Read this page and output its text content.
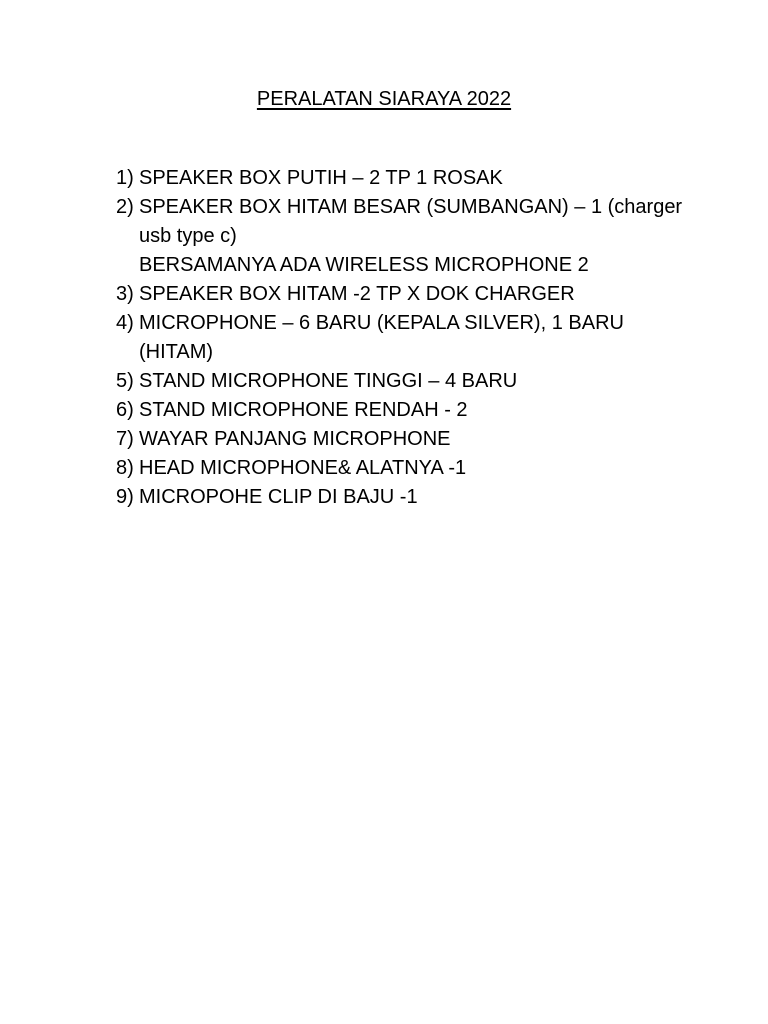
PERALATAN SIARAYA 2022
1) SPEAKER BOX PUTIH – 2 TP 1 ROSAK
2) SPEAKER BOX HITAM BESAR (SUMBANGAN) – 1 (charger
usb type c)
BERSAMANYA ADA WIRELESS MICROPHONE 2
3) SPEAKER BOX HITAM -2 TP X DOK CHARGER
4) MICROPHONE – 6 BARU (KEPALA SILVER), 1 BARU
(HITAM)
5) STAND MICROPHONE TINGGI – 4 BARU
6) STAND MICROPHONE RENDAH - 2
7) WAYAR PANJANG MICROPHONE
8) HEAD MICROPHONE& ALATNYA -1
9) MICROPOHE CLIP DI BAJU -1
